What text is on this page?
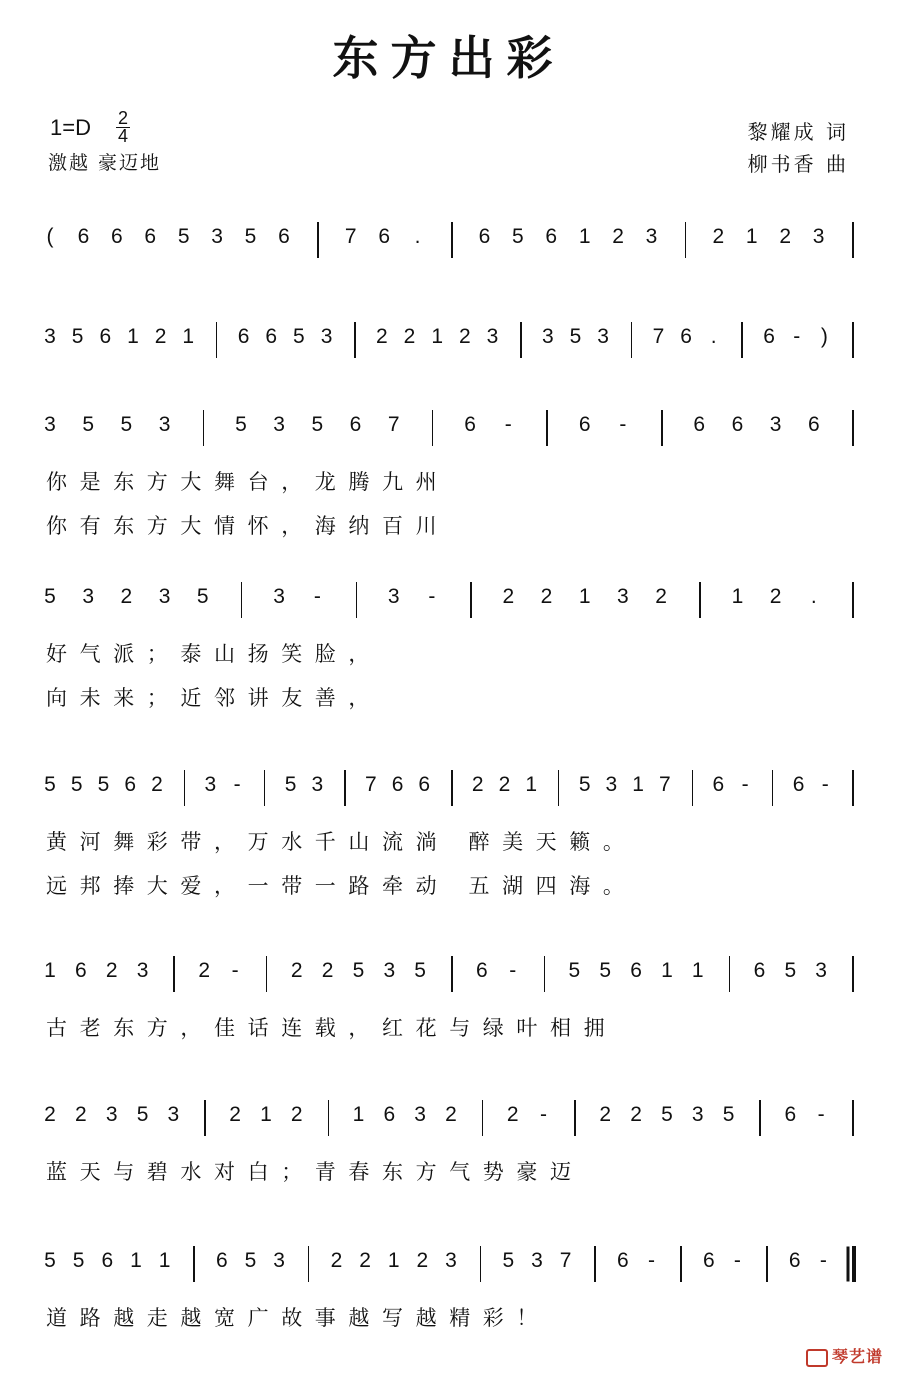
东方出彩
$1=D \frac{2}{4}$
激越 豪迈地
黎耀成 词
柳书香 曲
( 6 6 6 5 3 5 6	7 6 .	6 5 6 1 2 3	2 1 2 3
3 5 6 1 2 1 6 6 5 3 2 2 1 2 3 3 5 3 7 6 . 6 - )
3 5 5 3	5 3 5 6 7	6 -	6 -	6 6 3 6
你是东方大舞台，龙腾九州
你有东方大情怀，海纳百川
5 3 2 3 5	3 -	3 -	2 2 1 3 2	1 2 .
好气派；泰山扬笑脸，
向未来；近邻讲友善，
5 5 5 6 2 3 - 5 3 7 6 6 2 2 1 5 3 1 7 6 - 6 -
黄河舞彩带，万水千山流淌 醉美天籁。
远邦捧大爱，一带一路牵动 五湖四海。
1 6 2 3 2 - 2 2 5 3 5 6 - 5 5 6 1 1 6 5 3
古老东方，佳话连载，红花与绿叶相拥
2 2 3 5 3 2 1 2 1 6 3 2 2 - 2 2 5 3 5 6 -
蓝天与碧水对白；青春东方气势豪迈
5 5 6 1 1 6 5 3 2 2 1 2 3 5 3 7 6 - 6 - 6 -
道路越走越宽广故事越写越精彩！
琴艺谱
